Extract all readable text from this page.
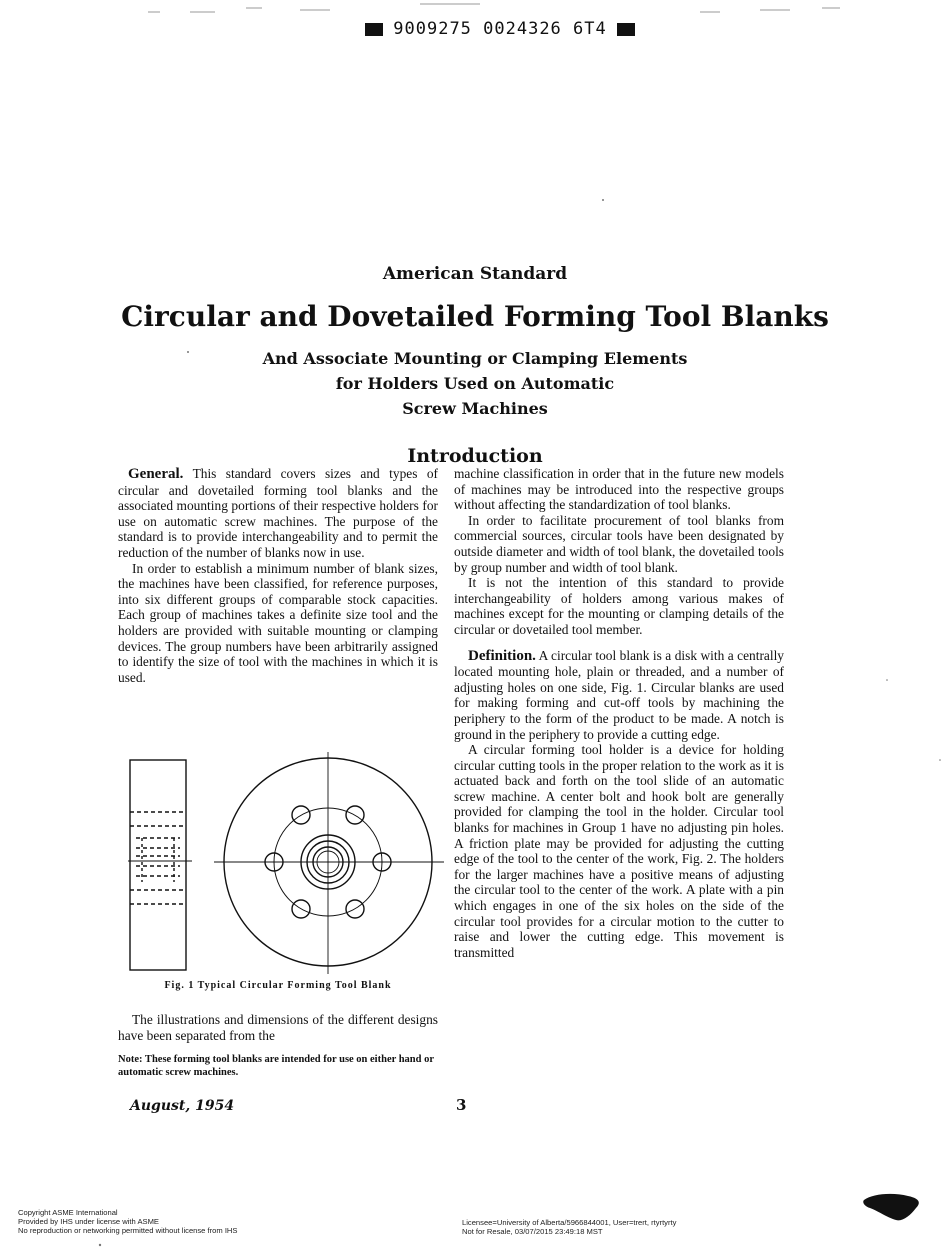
9009275 0024326 6T4
American Standard
Circular and Dovetailed Forming Tool Blanks
And Associate Mounting or Clamping Elements
for Holders Used on Automatic
Screw Machines
Introduction

General. This standard covers sizes and types of circular and dovetailed forming tool blanks and the associated mounting portions of their respective holders for use on automatic screw machines. The purpose of the standard is to provide interchangeability and to permit the reduction of the number of blanks now in use.

In order to establish a minimum number of blank sizes, the machines have been classified, for reference purposes, into six different groups of comparable stock capacities. Each group of machines takes a definite size tool and the holders are provided with suitable mounting or clamping devices. The group numbers have been arbitrarily assigned to identify the size of tool with the machines in which it is used.

Fig. 1 Typical Circular Forming Tool Blank

The illustrations and dimensions of the different designs have been separated from the

Note: These forming tool blanks are intended for use on either hand or automatic screw machines.

machine classification in order that in the future new models of machines may be introduced into the respective groups without affecting the standardization of tool blanks.

In order to facilitate procurement of tool blanks from commercial sources, circular tools have been designated by outside diameter and width of tool blank, the dovetailed tools by group number and width of tool blank.

It is not the intention of this standard to provide interchangeability of holders among various makes of machines except for the mounting or clamping details of the circular or dovetailed tool member.

Definition. A circular tool blank is a disk with a centrally located mounting hole, plain or threaded, and a number of adjusting holes on one side, Fig. 1. Circular blanks are used for making forming and cut-off tools by machining the periphery to the form of the product to be made. A notch is ground in the periphery to provide a cutting edge.

A circular forming tool holder is a device for holding circular cutting tools in the proper relation to the work as it is actuated back and forth on the tool slide of an automatic screw machine. A center bolt and hook bolt are generally provided for clamping the tool in the holder. Circular tool blanks for machines in Group 1 have no adjusting pin holes. A friction plate may be provided for adjusting the cutting edge of the tool to the center of the work, Fig. 2. The holders for the larger machines have a positive means of adjusting the circular tool to the center of the work. A plate with a pin which engages in one of the six holes on the side of the circular tool provides for a circular motion to the cutter to raise and lower the cutting edge. This movement is transmitted

August, 1954	3
Copyright ASME International
Provided by IHS under license with ASME
No reproduction or networking permitted without license from IHS
Licensee=University of Alberta/5966844001, User=trert, rtyrtyrty
Not for Resale, 03/07/2015 23:49:18 MST
